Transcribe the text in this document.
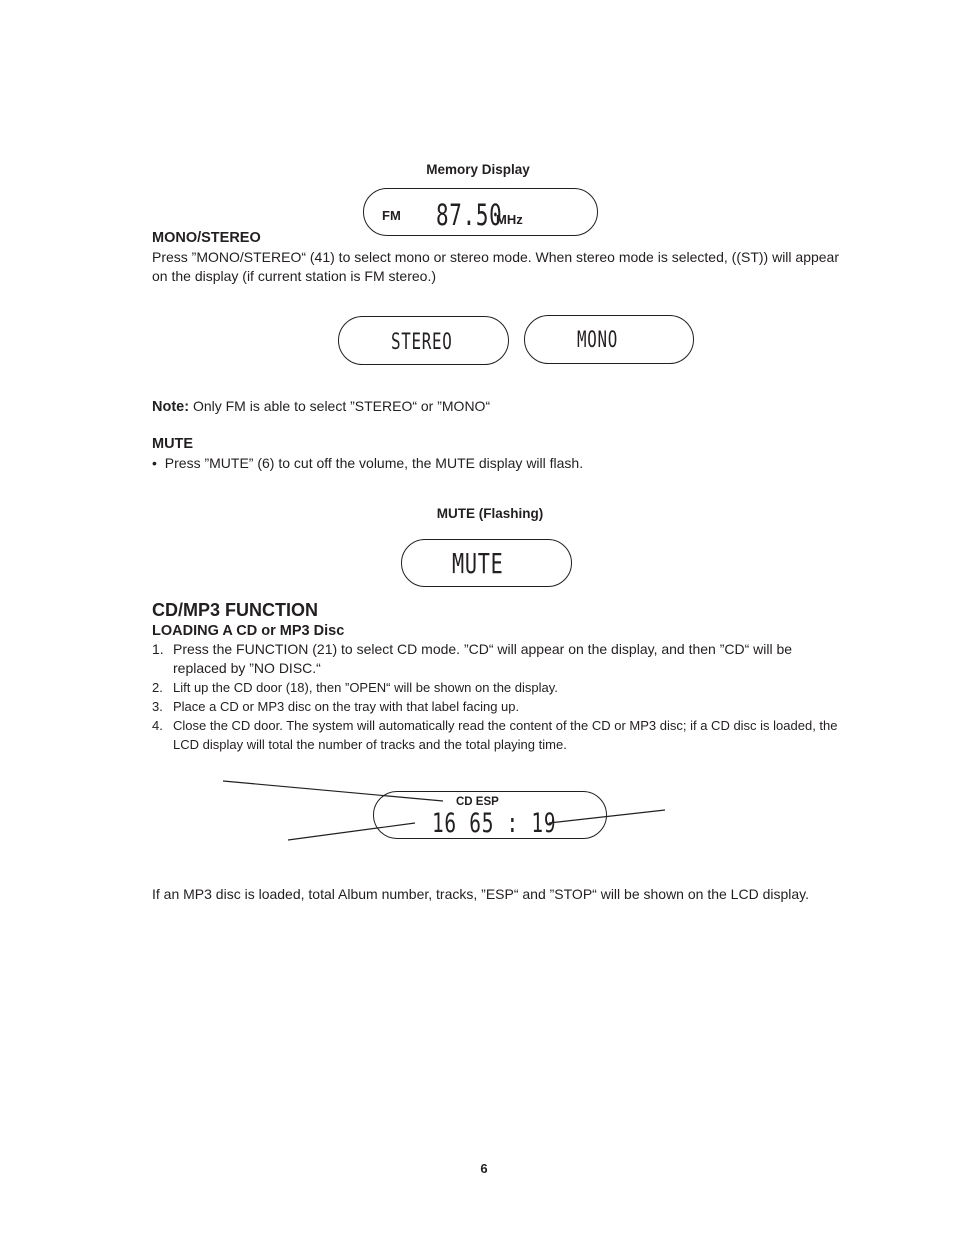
Memory Display
FM 87.50
MHz
MONO/STEREO
Press ”MONO/STEREO“ (41) to select mono or stereo mode. When stereo mode is selected, ((ST)) will appear on the display (if current station is FM stereo.)
STEREO	MONO
Note: Only FM is able to select ”STEREO“ or ”MONO“
MUTE
• Press ”MUTE” (6) to cut off the volume, the MUTE display will flash.
MUTE (Flashing)
MUTE
CD/MP3 FUNCTION
LOADING A CD or MP3 Disc
1. Press the FUNCTION (21) to select CD mode. ”CD“ will appear on the display, and then ”CD“ will be replaced by ”NO DISC.“
2. Lift up the CD door (18), then ”OPEN“ will be shown on the display.
3. Place a CD or MP3 disc on the tray with that label facing up.
4. Close the CD door. The system will automatically read the content of the CD or MP3 disc; if a CD disc is loaded, the LCD display will total the number of tracks and the total playing time.
CD ESP
16 65 : 19
If an MP3 disc is loaded, total Album number, tracks, ”ESP“ and ”STOP“ will be shown on the LCD display.
6
